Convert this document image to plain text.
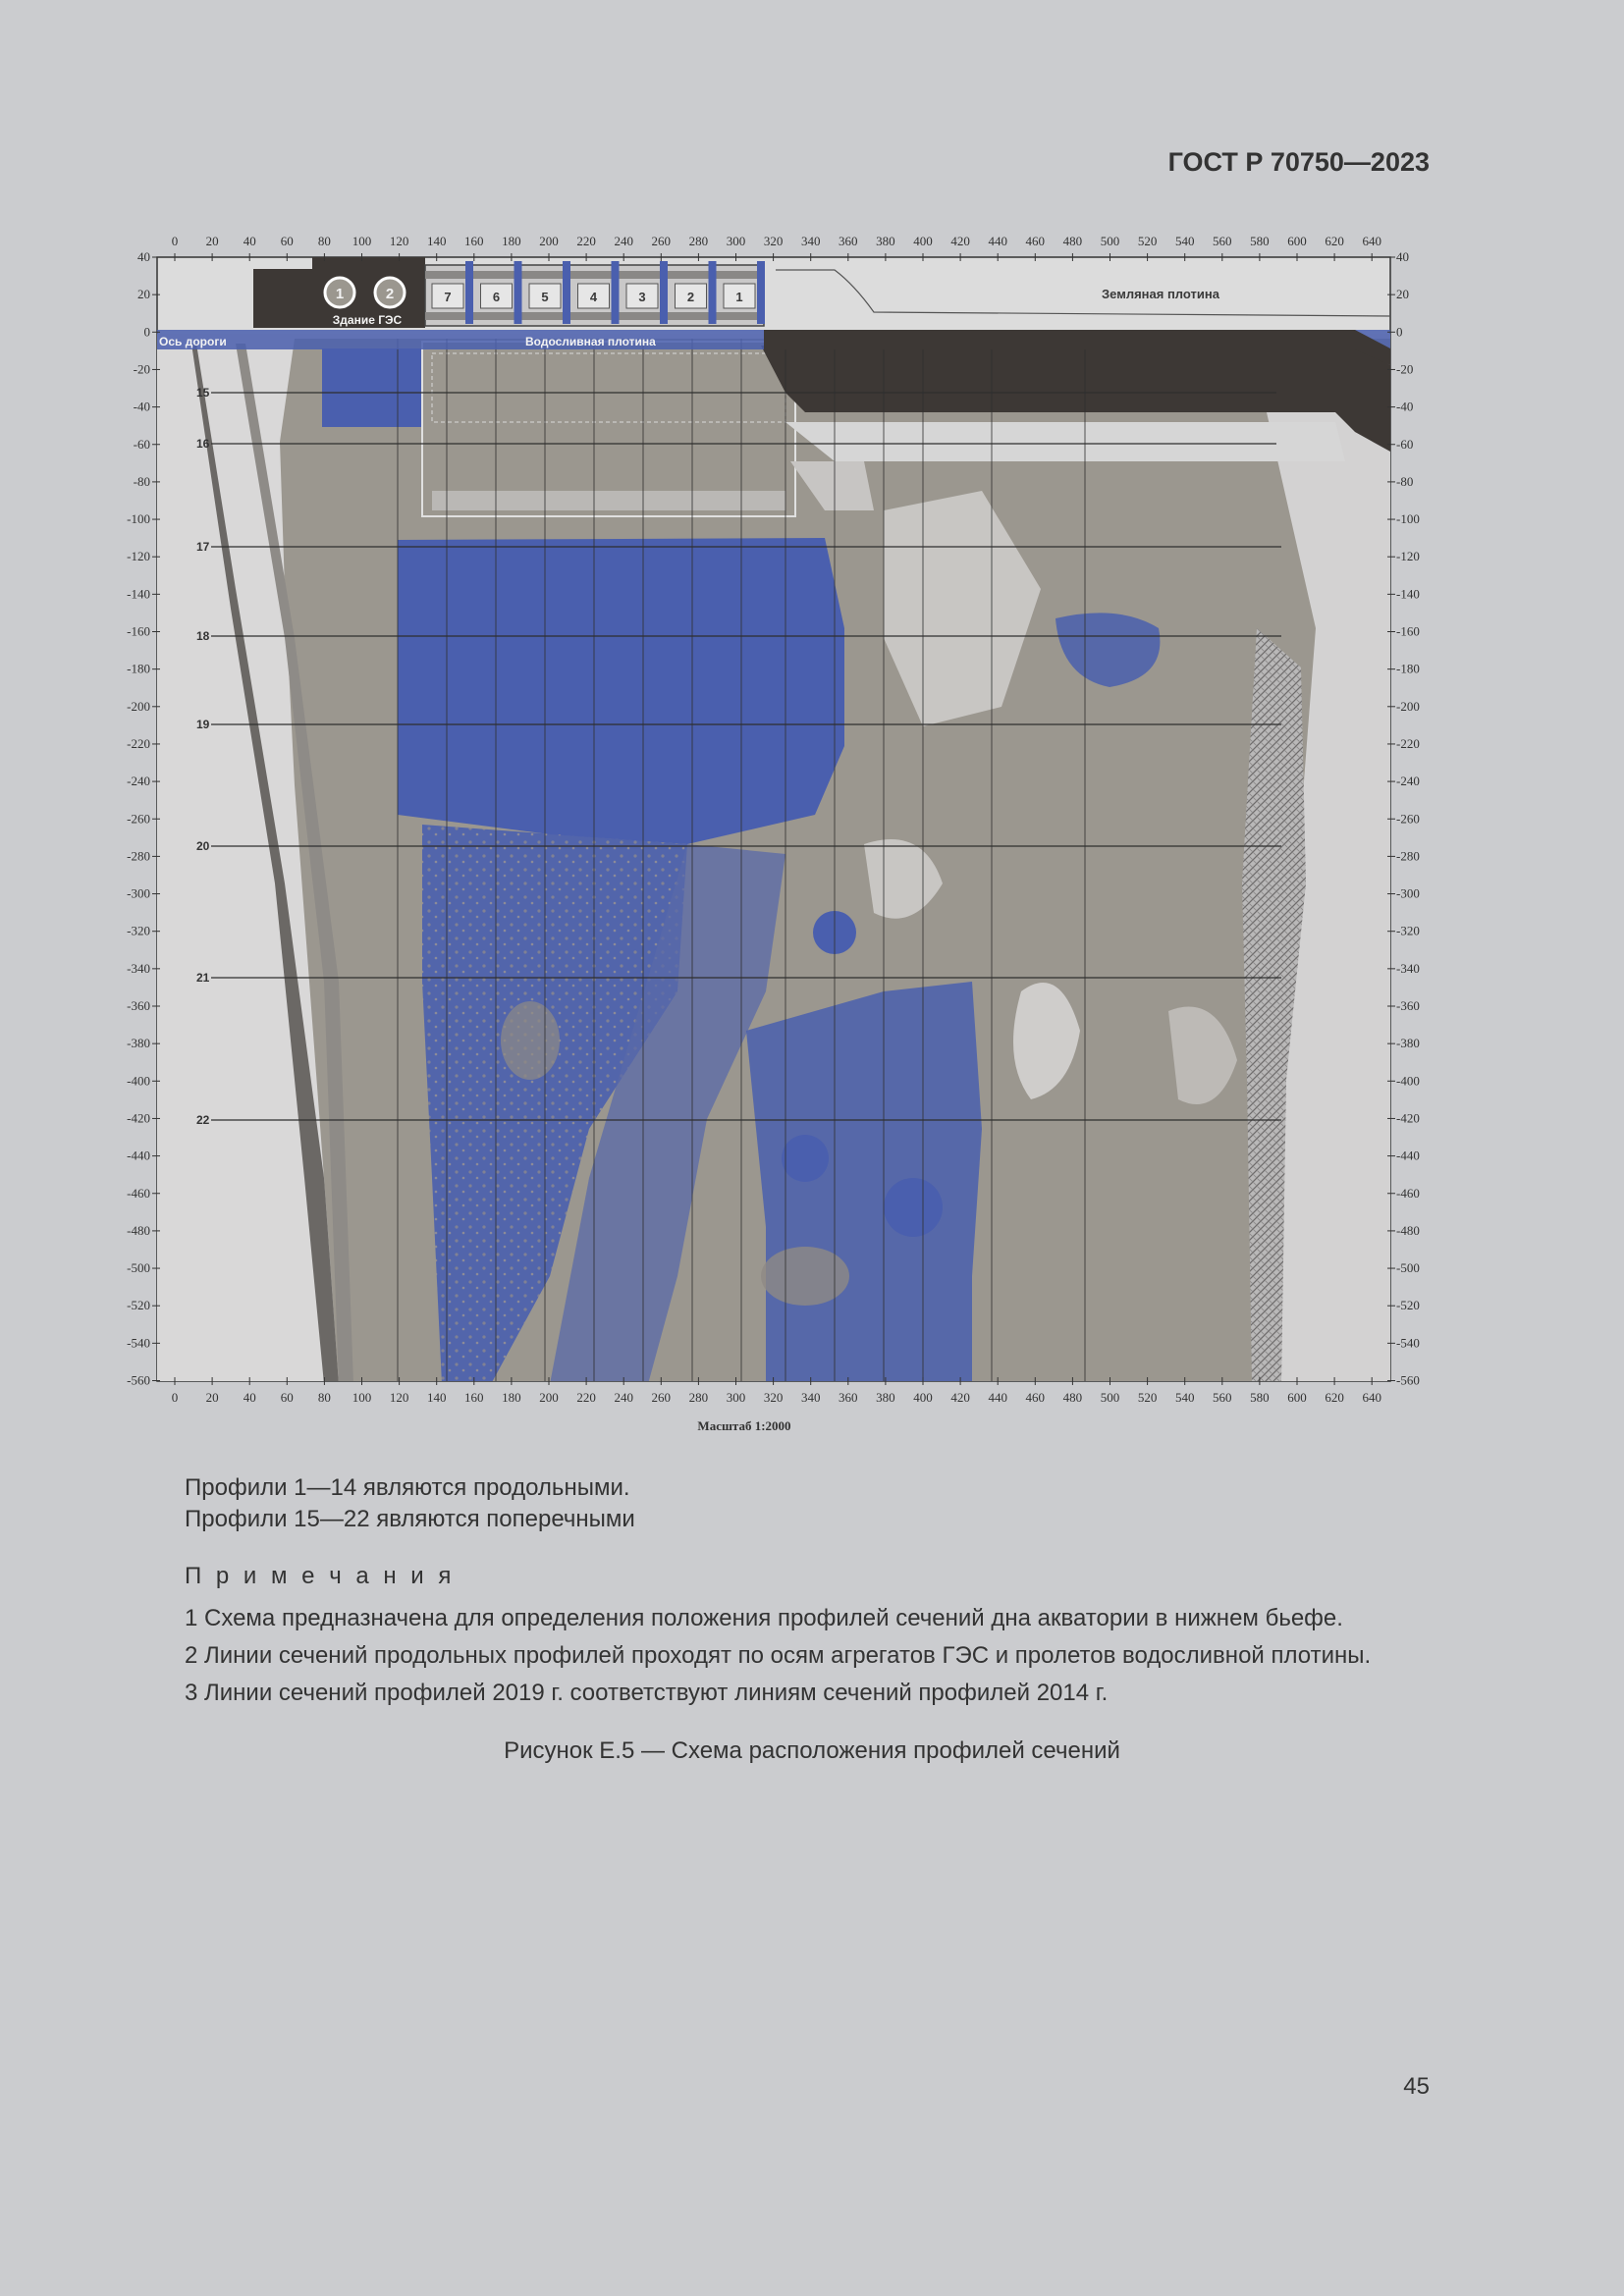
ГОСТ Р 70750—2023
1	2
Здание ГЭС
7	6	5	4	3	2	1
Ось дороги	Водосливная плотина
Земляная плотина
0 20 40 60 80 100 120 140 160 180 200 220 240 260 280 300 320 340 360 380 400 420 440 460 480 500 520 540 560 580 600 620 640
0 20 40 60 80 100 120 140 160 180 200 220 240 260 280 300 320 340 360 380 400 420 440 460 480 500 520 540 560 580 600 620 640
40
20
0
-20
-40
-60
-80
-100
-120
-140
-160
-180
-200
-220
-240
-260
-280
-300
-320
-340
-360
-380
-400
-420
-440
-460
-480
-500
-520
-540
-560
40
20
0
-20
-40
-60
-80
-100
-120
-140
-160
-180
-200
-220
-240
-260
-280
-300
-320
-340
-360
-380
-400
-420
-440
-460
-480
-500
-520
-540
-560
15
16
17
18
19
20
21
22
Масштаб 1:2000
Профили 1—14 являются продольными.
Профили 15—22 являются поперечными
П р и м е ч а н и я
1 Схема предназначена для определения положения профилей сечений дна акватории в нижнем бьефе.
2 Линии сечений продольных профилей проходят по осям агрегатов ГЭС и пролетов водосливной плотины.
3 Линии сечений профилей 2019 г. соответствуют линиям сечений профилей 2014 г.
Рисунок Е.5 — Схема расположения профилей сечений
45
